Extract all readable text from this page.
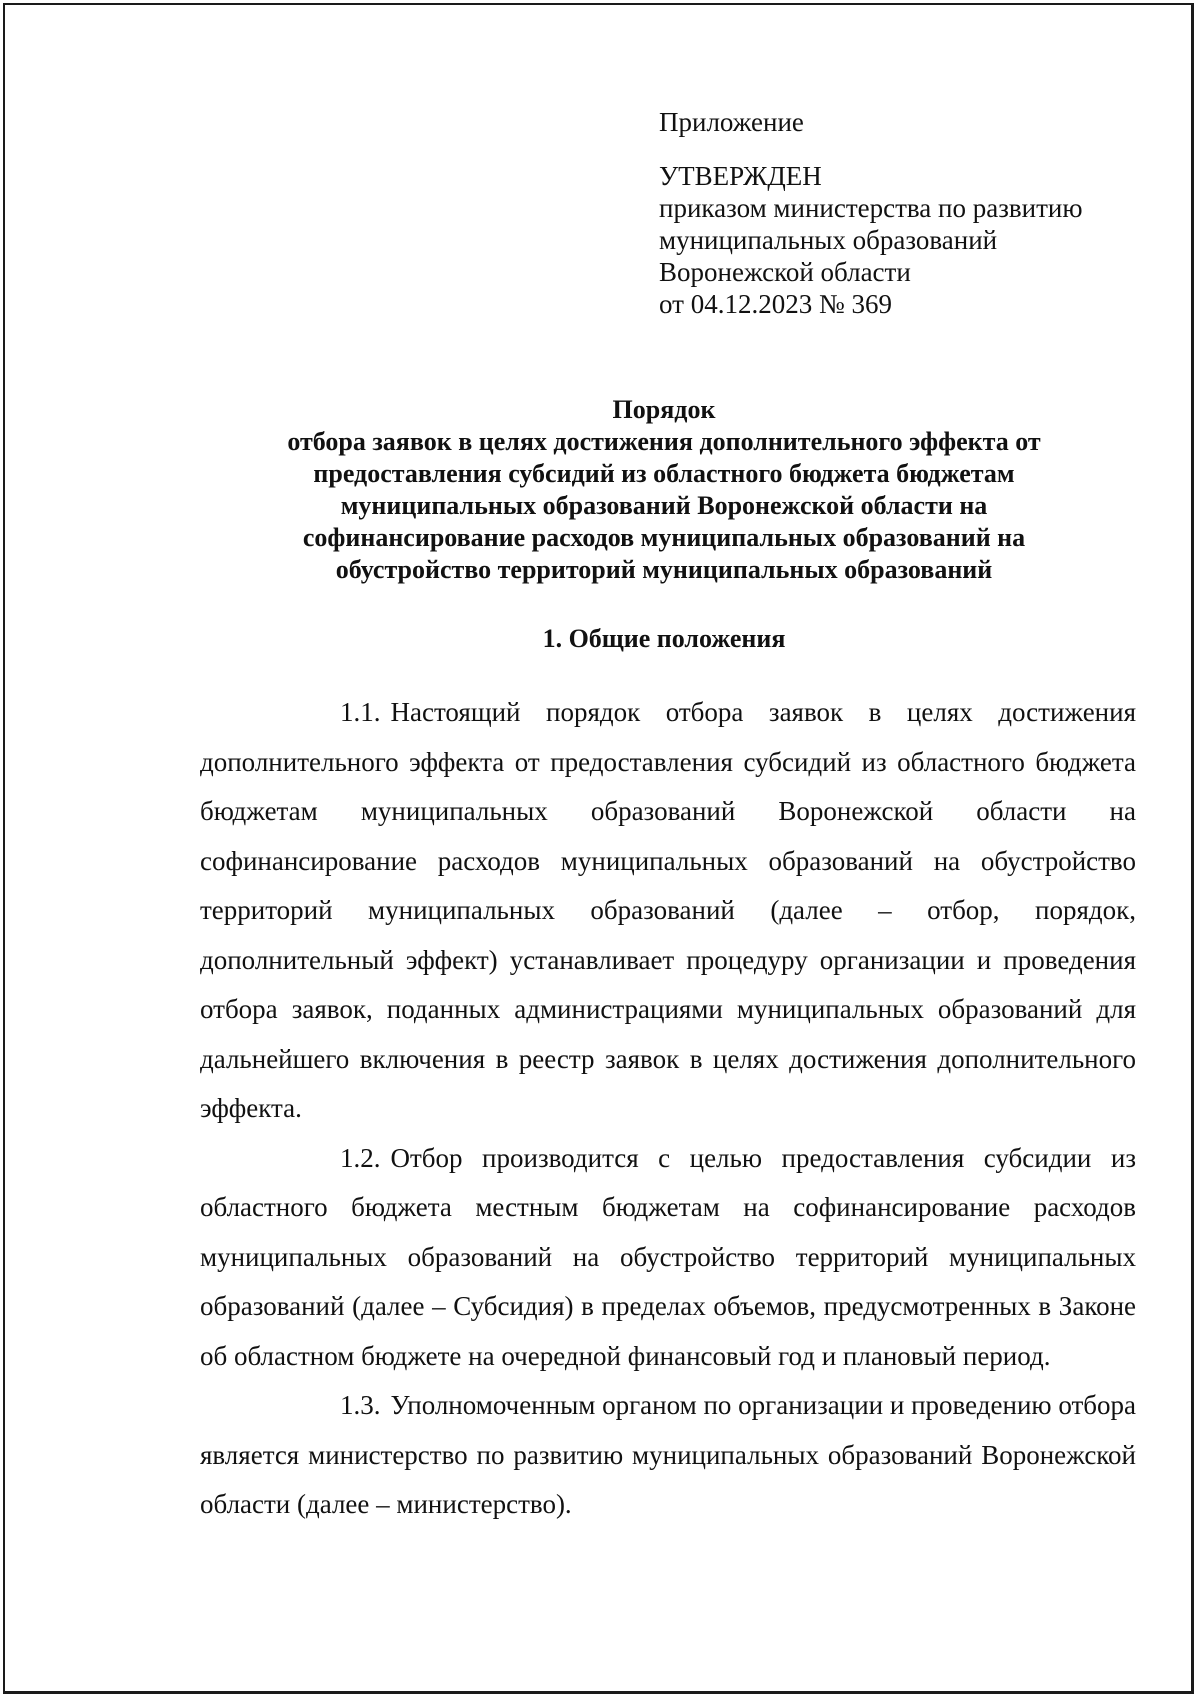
Приложение

УТВЕРЖДЕН

приказом министерства по развитию

муниципальных образований

Воронежской области

от 04.12.2023 № 369

Порядок

отбора заявок в целях достижения дополнительного эффекта от

предоставления субсидий из областного бюджета бюджетам

муниципальных образований Воронежской области на

софинансирование расходов муниципальных образований на

обустройство территорий муниципальных образований

1. Общие положения

1.1. Настоящий порядок отбора заявок в целях достижения дополнительного эффекта от предоставления субсидий из областного бюджета бюджетам муниципальных образований Воронежской области на софинансирование расходов муниципальных образований на обустройство территорий муниципальных образований (далее – отбор, порядок, дополнительный эффект) устанавливает процедуру организации и проведения отбора заявок, поданных администрациями муниципальных образований для дальнейшего включения в реестр заявок в целях достижения дополнительного эффекта.

1.2. Отбор производится с целью предоставления субсидии из областного бюджета местным бюджетам на софинансирование расходов муниципальных образований на обустройство территорий муниципальных образований (далее – Субсидия) в пределах объемов, предусмотренных в Законе об областном бюджете на очередной финансовый год и плановый период.

1.3. Уполномоченным органом по организации и проведению отбора является министерство по развитию муниципальных образований Воронежской области (далее – министерство).
